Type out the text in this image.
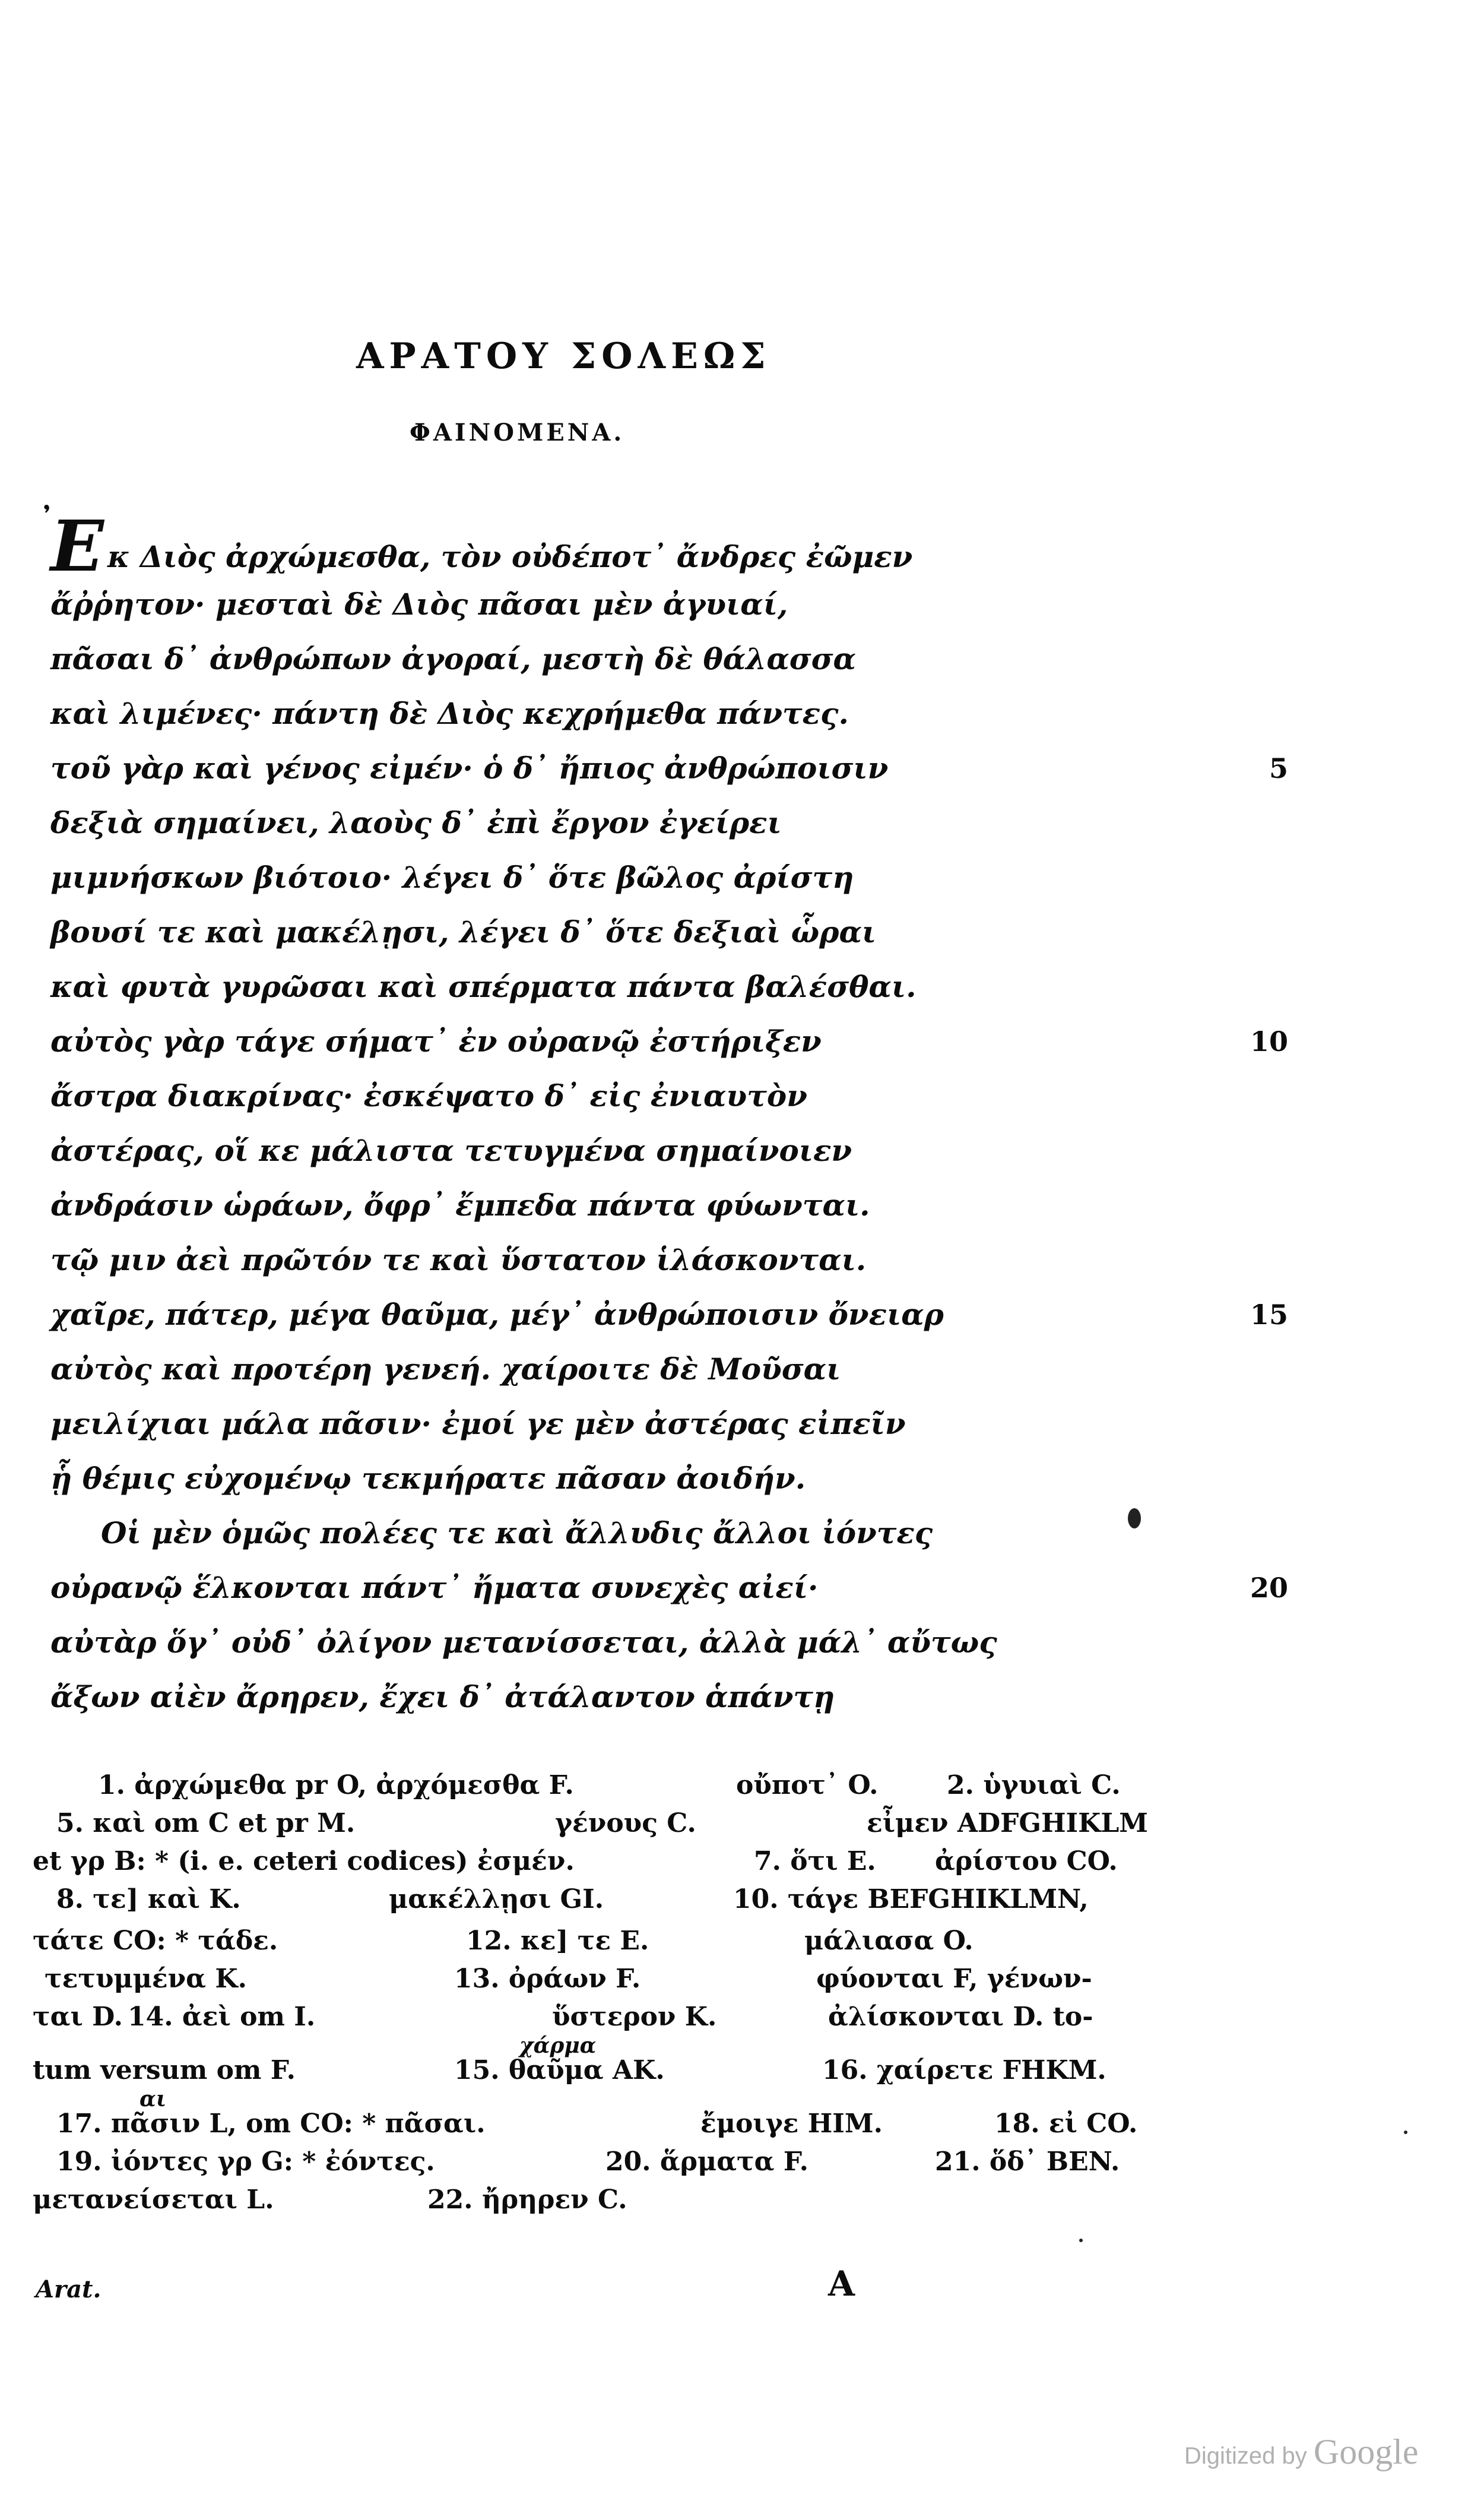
ΑΡΑΤΟΥ ΣΟΛΕΩΣ
ΦΑΙΝΟΜΕΝΑ.
Ε
᾿
κ Διὸς ἀρχώμεσθα, τὸν οὐδέποτ᾿ ἄνδρες ἐῶμεν
ἄῤῥητον· μεσταὶ δὲ Διὸς πᾶσαι μὲν ἀγυιαί,
πᾶσαι δ᾿ ἀνθρώπων ἀγοραί, μεστὴ δὲ θάλασσα
καὶ λιμένες· πάντη δὲ Διὸς κεχρήμεθα πάντες.
τοῦ γὰρ καὶ γένος εἰμέν· ὁ δ᾿ ἤπιος ἀνθρώποισιν	5
δεξιὰ σημαίνει, λαοὺς δ᾿ ἐπὶ ἔργον ἐγείρει
μιμνήσκων βιότοιο· λέγει δ᾿ ὅτε βῶλος ἀρίστη
βουσί τε καὶ μακέλῃσι, λέγει δ᾿ ὅτε δεξιαὶ ὧραι
καὶ φυτὰ γυρῶσαι καὶ σπέρματα πάντα βαλέσθαι.
αὐτὸς γὰρ τάγε σήματ᾿ ἐν οὐρανῷ ἐστήριξεν	10
ἄστρα διακρίνας· ἐσκέψατο δ᾿ εἰς ἐνιαυτὸν
ἀστέρας, οἵ κε μάλιστα τετυγμένα σημαίνοιεν
ἀνδράσιν ὡράων, ὄφρ᾿ ἔμπεδα πάντα φύωνται.
τῷ μιν ἀεὶ πρῶτόν τε καὶ ὕστατον ἱλάσκονται.
χαῖρε, πάτερ, μέγα θαῦμα, μέγ᾿ ἀνθρώποισιν ὄνειαρ	15
αὐτὸς καὶ προτέρη γενεή. χαίροιτε δὲ Μοῦσαι
μειλίχιαι μάλα πᾶσιν· ἐμοί γε μὲν ἀστέρας εἰπεῖν
ᾗ θέμις εὐχομένῳ τεκμήρατε πᾶσαν ἀοιδήν.
Οἱ μὲν ὁμῶς πολέες τε καὶ ἄλλυδις ἄλλοι ἰόντες
οὐρανῷ ἕλκονται πάντ᾿ ἤματα συνεχὲς αἰεί·	20
αὐτὰρ ὅγ᾿ οὐδ᾿ ὀλίγον μετανίσσεται, ἀλλὰ μάλ᾿ αὔτως
ἄξων αἰὲν ἄρηρεν, ἔχει δ᾿ ἀτάλαντον ἁπάντῃ
1. ἀρχώμεθα pr O, ἀρχόμεσθα F.	οὔποτ᾿ O.	2. ὑγυιαὶ C.
5. καὶ om C et pr M.	γένους C.	εἶμεν ADFGHIKLM
et γρ B: * (i. e. ceteri codices) ἐσμέν.	7. ὅτι E. ἀρίστου CO.
8. τε] καὶ K.	μακέλλῃσι GI.	10. τάγε BEFGHIKLMN,
τάτε CO: * τάδε.	12. κε] τε E.	μάλιασα O.
τετυμμένα K.	13. ὀράων F.	φύονται F, γένων-
ται D. 14. ἀεὶ om I.	ὕστερον K.	ἀλίσκονται D. to-
tum versum om F.	15. θαῦμα AK.	16. χαίρετε FHKM.
χάρμα
17. πᾶσιν L, om CO: * πᾶσαι.	ἔμοιγε HIM.	18. εἰ CO.
αι
19. ἰόντες γρ G: * ἐόντες.	20. ἅρματα F.	21. ὅδ᾿ BEN.
μετανείσεται L.	22. ἤρηρεν C.
Arat.	A
Digitized by Google
